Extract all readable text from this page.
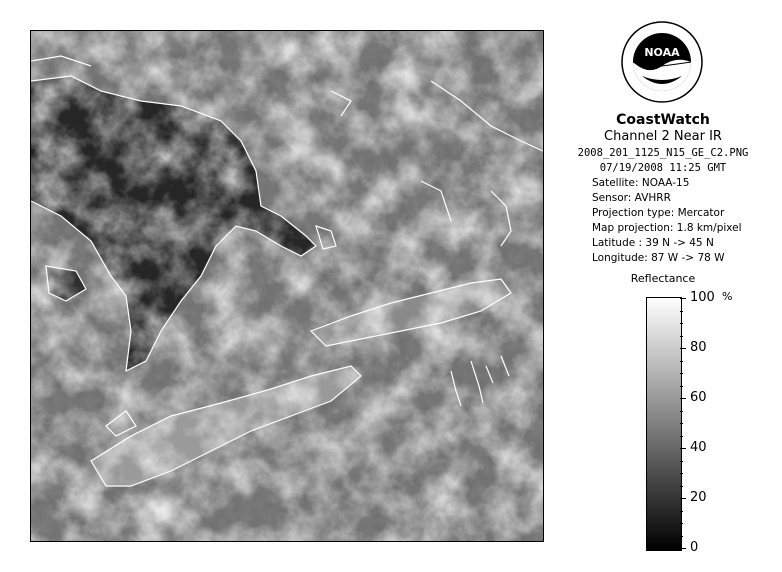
NOAA
CoastWatch
Channel 2 Near IR
2008_201_1125_N15_GE_C2.PNG
07/19/2008 11:25 GMT
Satellite: NOAA-15
Sensor: AVHRR
Projection type: Mercator
Map projection: 1.8 km/pixel
Latitude : 39 N -> 45 N
Longitude: 87 W -> 78 W
Reflectance
%
100
80
60
40
20
0
